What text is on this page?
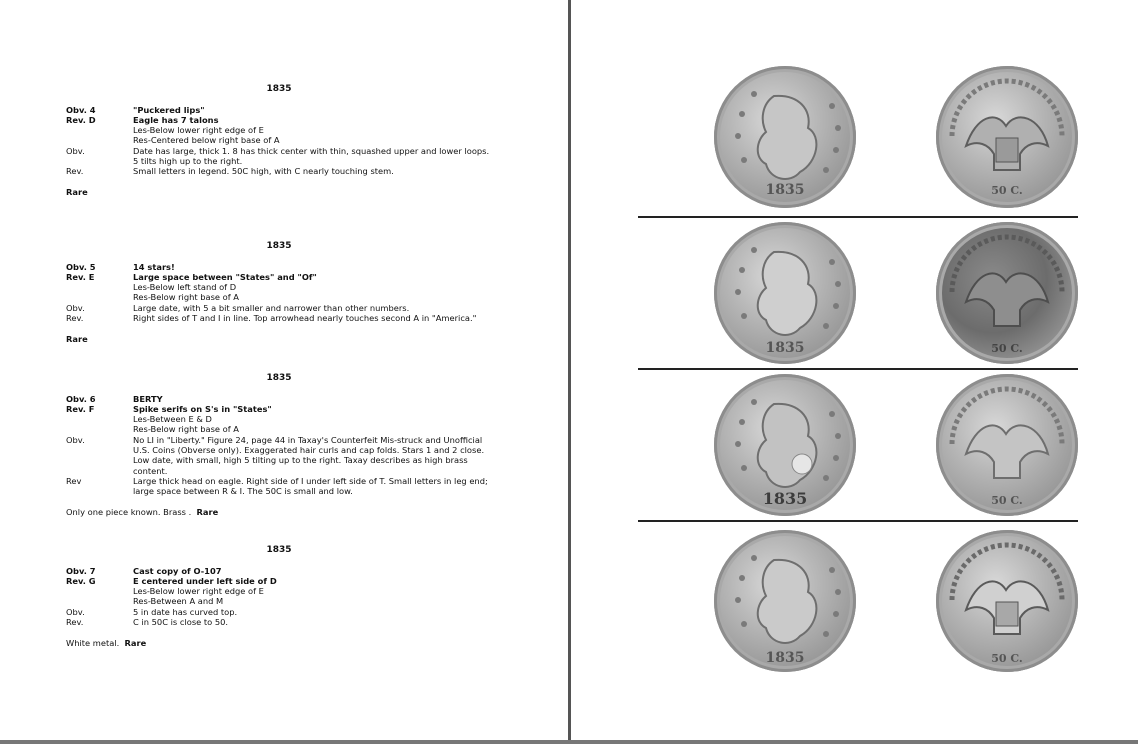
1835
Obv. 4	"Puckered lips"
Rev. D	Eagle has 7 talons
Les-Below lower right edge of E
Res-Centered below right base of A
Obv.	Date has large, thick 1. 8 has thick center with thin, squashed upper and lower loops. 5 tilts high up to the right.
Rev.	Small letters in legend. 50C high, with C nearly touching stem.
Rare
1835
Obv. 5	14 stars!
Rev. E	Large space between "States" and "Of"
Les-Below left stand of D
Res-Below right base of A
Obv.	Large date, with 5 a bit smaller and narrower than other numbers.
Rev.	Right sides of T and I in line. Top arrowhead nearly touches second A in "America."
Rare
1835
Obv. 6	BERTY
Rev. F	Spike serifs on S's in "States"
Les-Between E & D
Res-Below right base of A
Obv.	No LI in "Liberty." Figure 24, page 44 in Taxay's Counterfeit Mis-struck and Unofficial U.S. Coins (Obverse only). Exaggerated hair curls and cap folds. Stars 1 and 2 close. Low date, with small, high 5 tilting up to the right. Taxay describes as high brass content.
Rev	Large thick head on eagle. Right side of I under left side of T. Small letters in leg end; large space between R & I. The 50C is small and low.
Only one piece known. Brass . Rare
1835
Obv. 7	Cast copy of O-107
Rev. G	E centered under left side of D
Les-Below lower right edge of E
Res-Between A and M
Obv.	5 in date has curved top.
Rev.	C in 50C is close to 50.
White metal. Rare
1835	50 C.
1835	50 C.
1835	50 C.
1835	50 C.
